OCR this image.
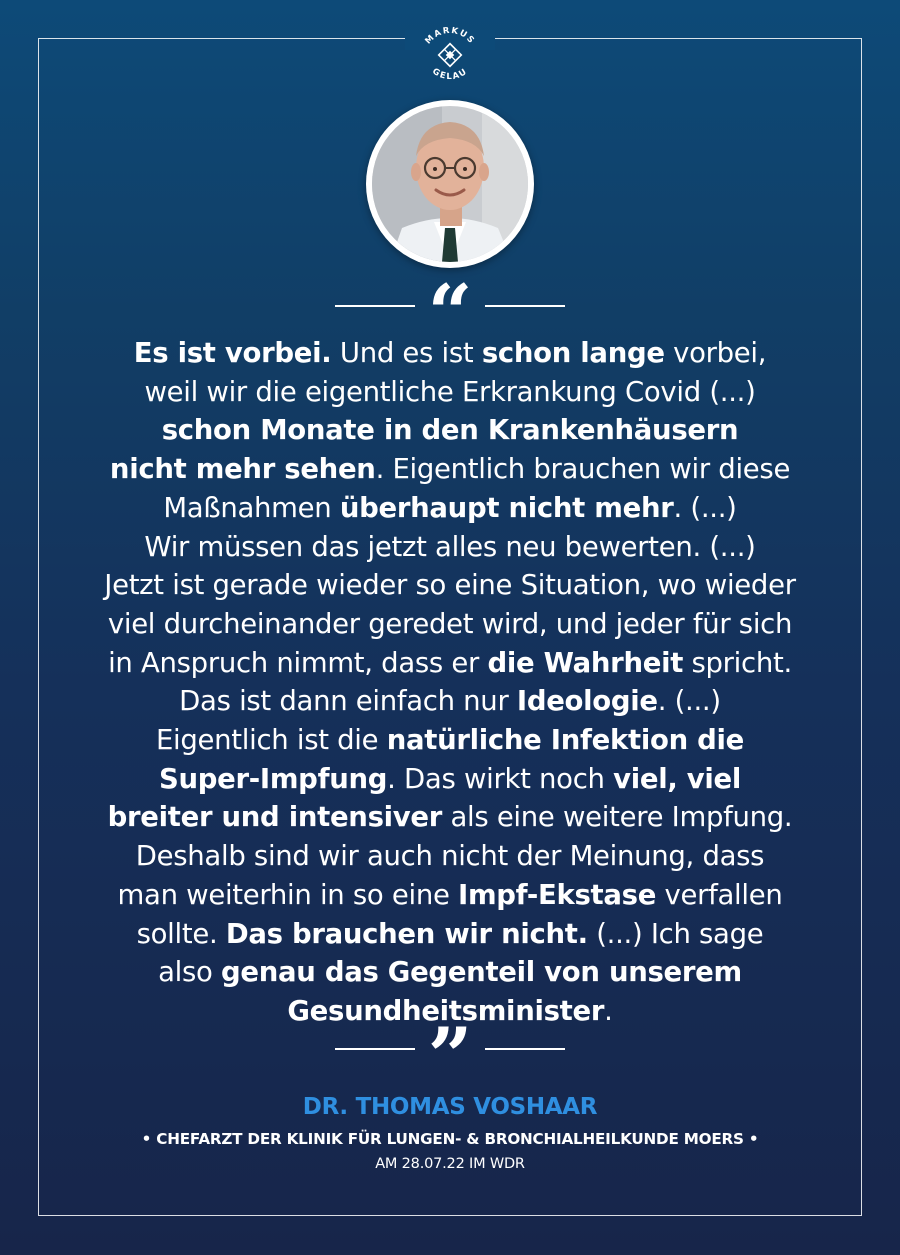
MARKUS
GELAU
“
Es ist vorbei. Und es ist schon lange vorbei,
weil wir die eigentliche Erkrankung Covid (...)
schon Monate in den Krankenhäusern
nicht mehr sehen. Eigentlich brauchen wir diese
Maßnahmen überhaupt nicht mehr. (...)
Wir müssen das jetzt alles neu bewerten. (...)
Jetzt ist gerade wieder so eine Situation, wo wieder
viel durcheinander geredet wird, und jeder für sich
in Anspruch nimmt, dass er die Wahrheit spricht.
Das ist dann einfach nur Ideologie. (...)
Eigentlich ist die natürliche Infektion die
Super-Impfung. Das wirkt noch viel, viel
breiter und intensiver als eine weitere Impfung.
Deshalb sind wir auch nicht der Meinung, dass
man weiterhin in so eine Impf-Ekstase verfallen
sollte. Das brauchen wir nicht. (...) Ich sage
also genau das Gegenteil von unserem
Gesundheitsminister.
”
DR. THOMAS VOSHAAR
• CHEFARZT DER KLINIK FÜR LUNGEN- & BRONCHIALHEILKUNDE MOERS •
AM 28.07.22 IM WDR
